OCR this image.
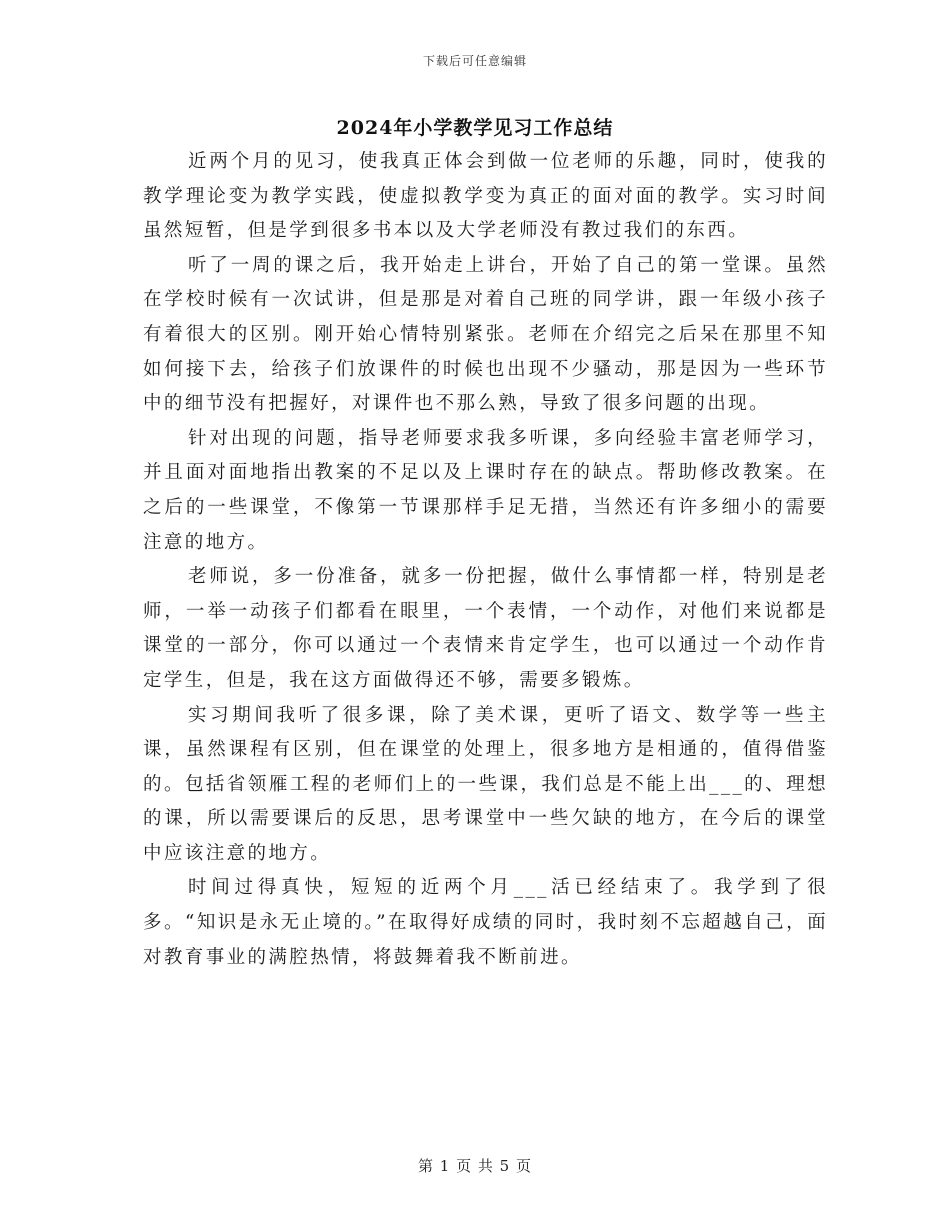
下载后可任意编辑
2024年小学教学见习工作总结

近两个月的见习，使我真正体会到做一位老师的乐趣，同时，使我的教学理论变为教学实践，使虚拟教学变为真正的面对面的教学。实习时间虽然短暂，但是学到很多书本以及大学老师没有教过我们的东西。

听了一周的课之后，我开始走上讲台，开始了自己的第一堂课。虽然在学校时候有一次试讲，但是那是对着自己班的同学讲，跟一年级小孩子有着很大的区别。刚开始心情特别紧张。老师在介绍完之后呆在那里不知如何接下去，给孩子们放课件的时候也出现不少骚动，那是因为一些环节中的细节没有把握好，对课件也不那么熟，导致了很多问题的出现。

针对出现的问题，指导老师要求我多听课，多向经验丰富老师学习，并且面对面地指出教案的不足以及上课时存在的缺点。帮助修改教案。在之后的一些课堂，不像第一节课那样手足无措，当然还有许多细小的需要注意的地方。

老师说，多一份准备，就多一份把握，做什么事情都一样，特别是老师，一举一动孩子们都看在眼里，一个表情，一个动作，对他们来说都是课堂的一部分，你可以通过一个表情来肯定学生，也可以通过一个动作肯定学生，但是，我在这方面做得还不够，需要多锻炼。

实习期间我听了很多课，除了美术课，更听了语文、数学等一些主课，虽然课程有区别，但在课堂的处理上，很多地方是相通的，值得借鉴的。包括省领雁工程的老师们上的一些课，我们总是不能上出___的、理想的课，所以需要课后的反思，思考课堂中一些欠缺的地方，在今后的课堂中应该注意的地方。

时间过得真快，短短的近两个月___活已经结束了。我学到了很多。“知识是永无止境的。”在取得好成绩的同时，我时刻不忘超越自己，面对教育事业的满腔热情，将鼓舞着我不断前进。

第 1 页 共 5 页
